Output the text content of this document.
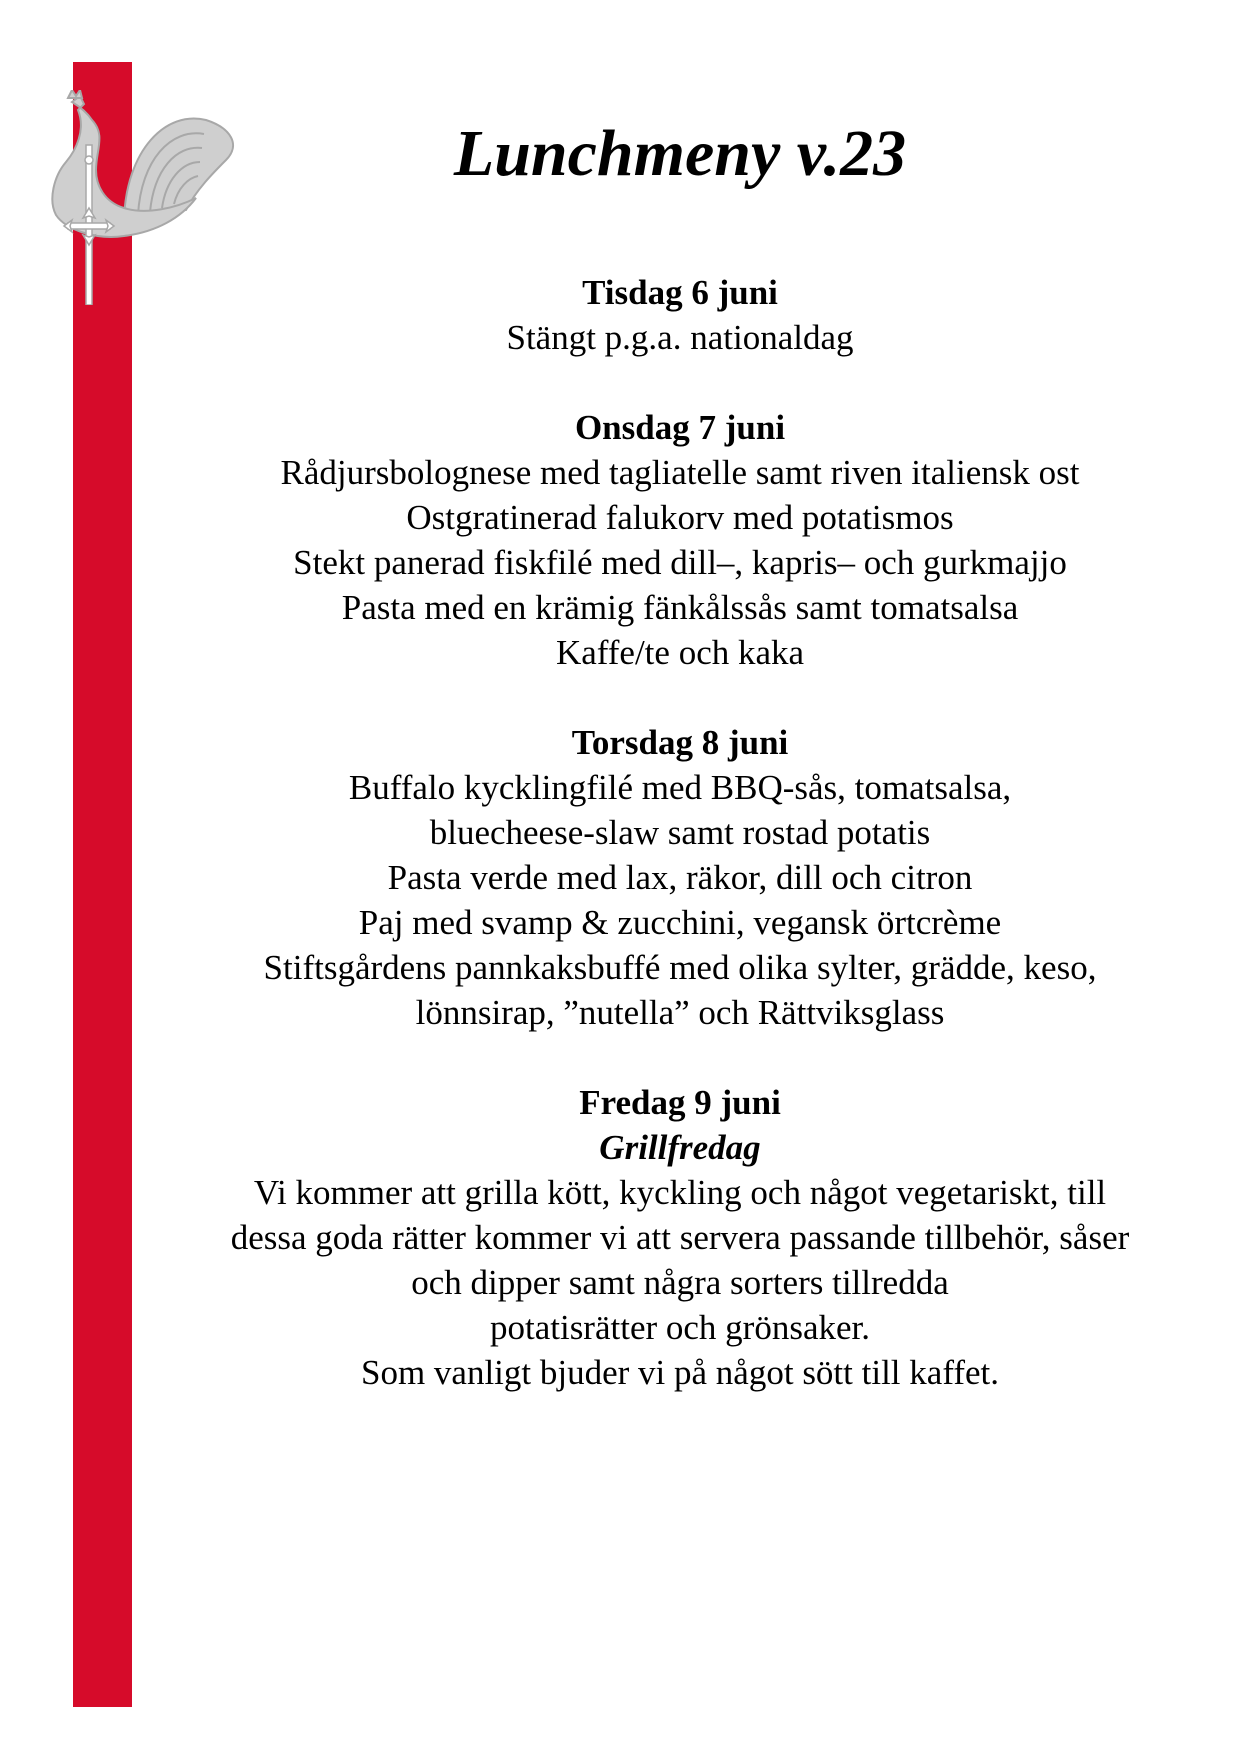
Lunchmeny v.23

Tisdag 6 juni

Stängt p.g.a. nationaldag

Onsdag 7 juni

Rådjursbolognese med tagliatelle samt riven italiensk ost

Ostgratinerad falukorv med potatismos

Stekt panerad fiskfilé med dill–, kapris– och gurkmajjo

Pasta med en krämig fänkålssås samt tomatsalsa

Kaffe/te och kaka

Torsdag 8 juni

Buffalo kycklingfilé med BBQ-sås, tomatsalsa,

bluecheese-slaw samt rostad potatis

Pasta verde med lax, räkor, dill och citron

Paj med svamp & zucchini, vegansk örtcrème

Stiftsgårdens pannkaksbuffé med olika sylter, grädde, keso,

lönnsirap, ”nutella” och Rättviksglass

Fredag 9 juni

Grillfredag

Vi kommer att grilla kött, kyckling och något vegetariskt, till

dessa goda rätter kommer vi att servera passande tillbehör, såser

och dipper samt några sorters tillredda

potatisrätter och grönsaker.

Som vanligt bjuder vi på något sött till kaffet.
